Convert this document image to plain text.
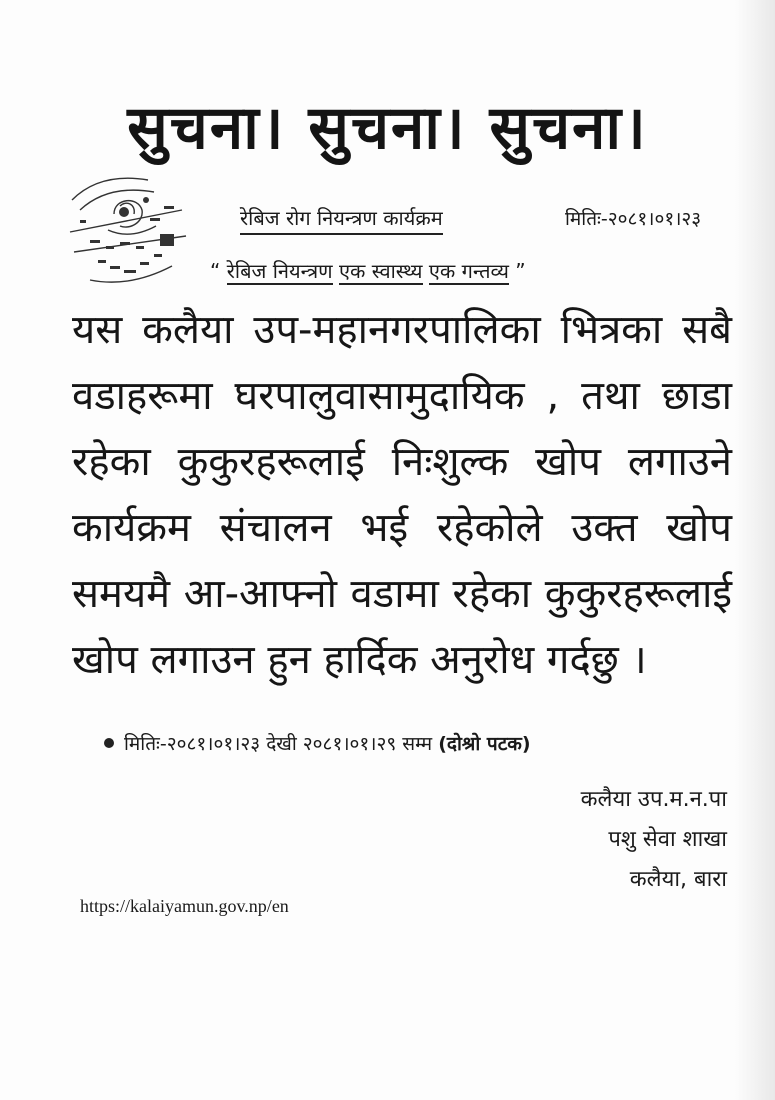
सुचना। सुचना। सुचना।
रेबिज रोग नियन्त्रण कार्यक्रम	मितिः-२०८१।०१।२३
“ रेबिज नियन्त्रण एक स्वास्थ्य एक गन्तव्य ”
यस कलैया उप-महानगरपालिका भित्रका सबै
वडाहरूमा घरपालुवासामुदायिक , तथा छाडा
रहेका कुकुरहरूलाई निःशुल्क खोप लगाउने
कार्यक्रम संचालन भई रहेकोले उक्त खोप
समयमै आ-आफ्नो वडामा रहेका कुकुरहरूलाई
खोप लगाउन हुन हार्दिक अनुरोध गर्दछु ।
मितिः-२०८१।०१।२३ देखी २०८१।०१।२९ सम्म (दोश्रो पटक)
कलैया उप.म.न.पा
पशु सेवा शाखा
कलैया, बारा
https://kalaiyamun.gov.np/en
